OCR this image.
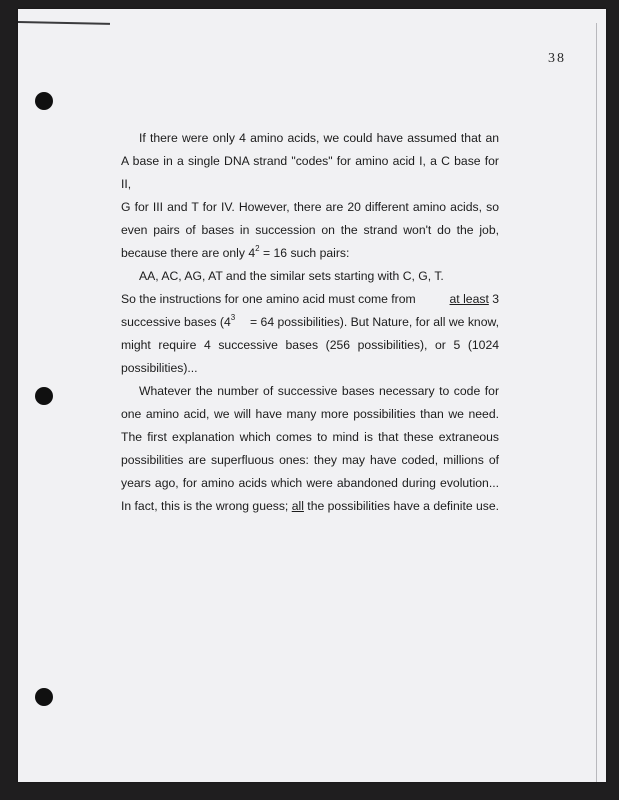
38

If there were only 4 amino acids, we could have assumed that an
A base in a single DNA strand "codes" for amino acid I, a C base for II,
G for III and T for IV. However, there are 20 different amino acids, so
even pairs of bases in succession on the strand won't do the job,
because there are only $4^2 = 16$ such pairs:

AA, AC, AG, AT and the similar sets starting with C, G, T.

So the instructions for one amino acid must come from at least 3
successive bases ($4^3 = 64$ possibilities). But Nature, for all we know,
might require 4 successive bases (256 possibilities), or 5 (1024
possibilities)...

Whatever the number of successive bases necessary to code for
one amino acid, we will have many more possibilities than we need.
The first explanation which comes to mind is that these extraneous
possibilities are superfluous ones: they may have coded, millions of
years ago, for amino acids which were abandoned during evolution...
In fact, this is the wrong guess; all the possibilities have a definite use.
